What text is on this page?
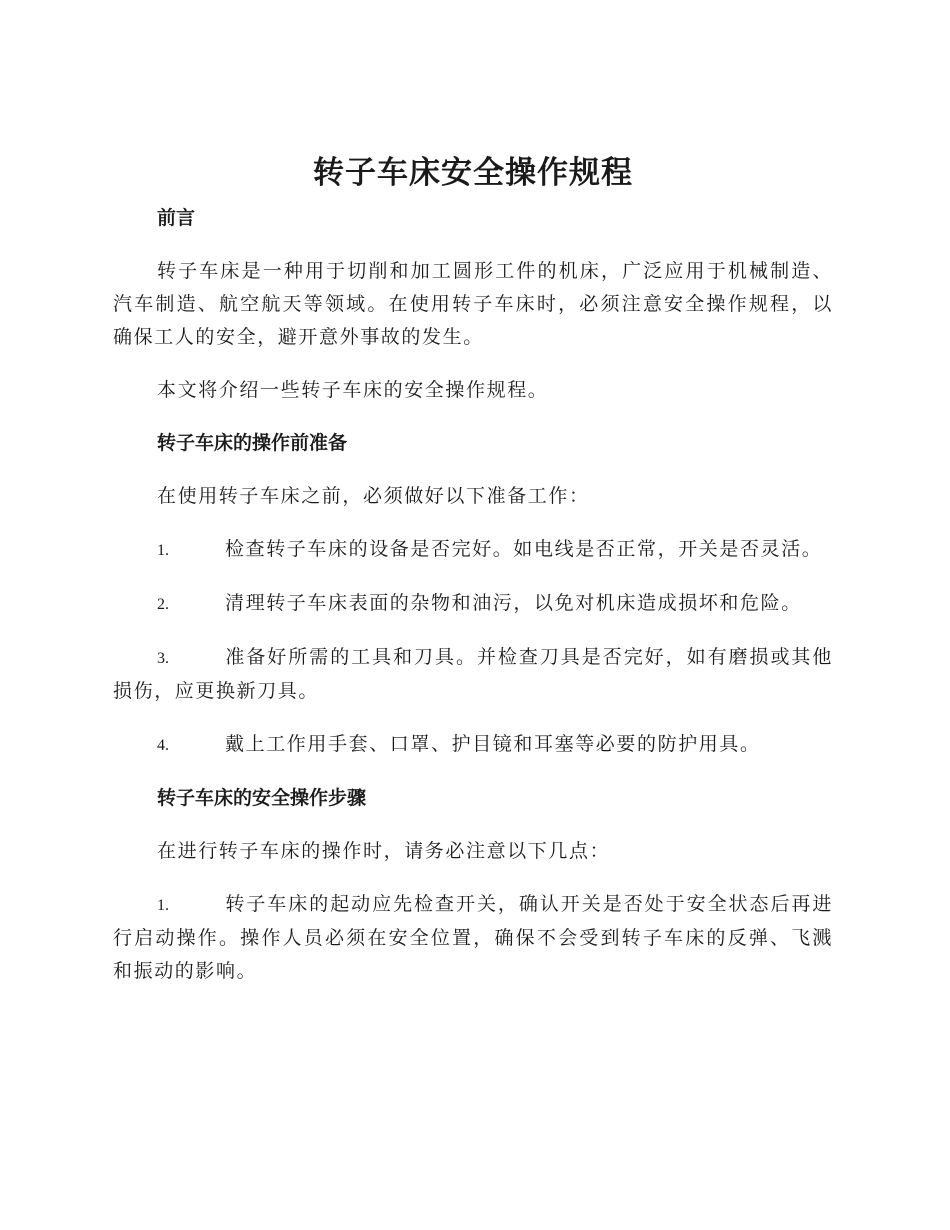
转子车床安全操作规程

前言

转子车床是一种用于切削和加工圆形工件的机床，广泛应用于机械制造、汽车制造、航空航天等领域。在使用转子车床时，必须注意安全操作规程，以确保工人的安全，避开意外事故的发生。

本文将介绍一些转子车床的安全操作规程。

转子车床的操作前准备

在使用转子车床之前，必须做好以下准备工作：

1.	检查转子车床的设备是否完好。如电线是否正常，开关是否灵活。

2.	清理转子车床表面的杂物和油污，以免对机床造成损坏和危险。

3.	准备好所需的工具和刀具。并检查刀具是否完好，如有磨损或其他损伤，应更换新刀具。

4.	戴上工作用手套、口罩、护目镜和耳塞等必要的防护用具。

转子车床的安全操作步骤

在进行转子车床的操作时，请务必注意以下几点：

1.	转子车床的起动应先检查开关，确认开关是否处于安全状态后再进行启动操作。操作人员必须在安全位置，确保不会受到转子车床的反弹、飞溅和振动的影响。
